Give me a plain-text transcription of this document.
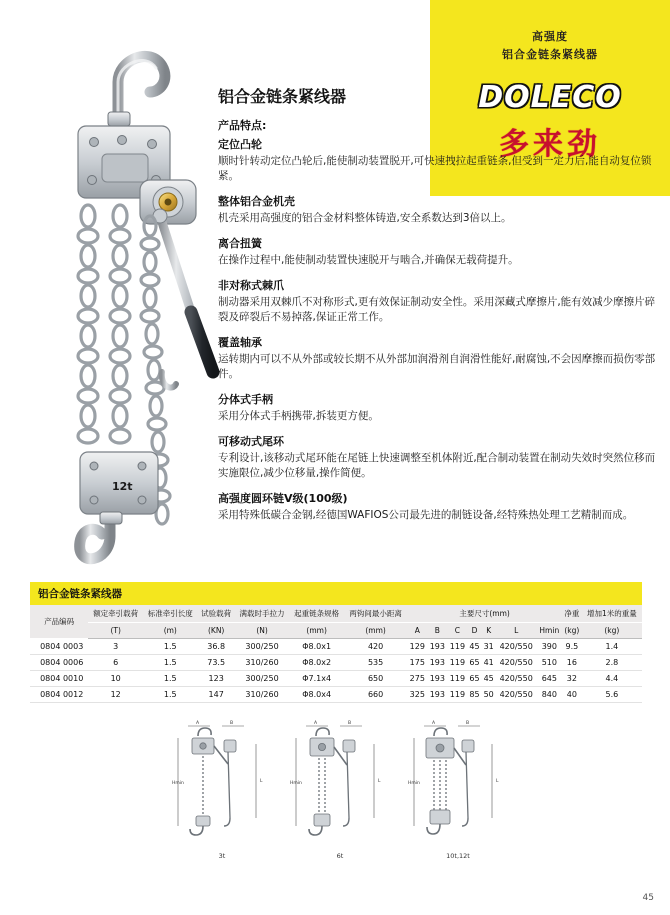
高强度
铝合金链条紧线器
DOLECO
多来劲
12t
铝合金链条紧线器
产品特点:
定位凸轮
顺时针转动定位凸轮后,能使制动装置脱开,可快速拽拉起重链条,但受到一定力后,能自动复位锁紧。
整体铝合金机壳
机壳采用高强度的铝合金材料整体铸造,安全系数达到3倍以上。
离合扭簧
在操作过程中,能使制动装置快速脱开与啮合,并确保无载荷提升。
非对称式棘爪
制动器采用双棘爪不对称形式,更有效保证制动安全性。采用深藏式摩擦片,能有效减少摩擦片碎裂及碎裂后不易掉落,保证正常工作。
覆盖轴承
运转期内可以不从外部或较长期不从外部加润滑剂自润滑性能好,耐腐蚀,不会因摩擦而损伤零部件。
分体式手柄
采用分体式手柄携带,拆装更方便。
可移动式尾环
专利设计,该移动式尾环能在尾链上快速调整至机体附近,配合制动装置在制动失效时突然位移而实施限位,减少位移量,操作简便。
高强度圆环链V级(100级)
采用特殊低碳合金钢,经德国WAFIOS公司最先进的制链设备,经特殊热处理工艺精制而成。
铝合金链条紧线器
产品编码	额定牵引载荷	标准牵引长度	试验载荷	满载时手拉力	起重链条规格	两钩间最小距离	主要尺寸(mm)							净重	增加1米的重量
	(T)	(m)	(KN)	(N)	(mm)	(mm)	A	B	C	D	K	L	Hmin	(kg)	(kg)
0804 0003	3	1.5	36.8	300/250	Φ8.0x1	420	129	193	119	45	31	420/550	390	9.5	1.4
0804 0006	6	1.5	73.5	310/260	Φ8.0x2	535	175	193	119	65	41	420/550	510	16	2.8
0804 0010	10	1.5	123	300/250	Φ7.1x4	650	275	193	119	65	45	420/550	645	32	4.4
0804 0012	12	1.5	147	310/260	Φ8.0x4	660	325	193	119	85	50	420/550	840	40	5.6
A	B
Hmin	L
3t
A	B
Hmin	L
6t
A	B
Hmin	L
10t,12t
45
